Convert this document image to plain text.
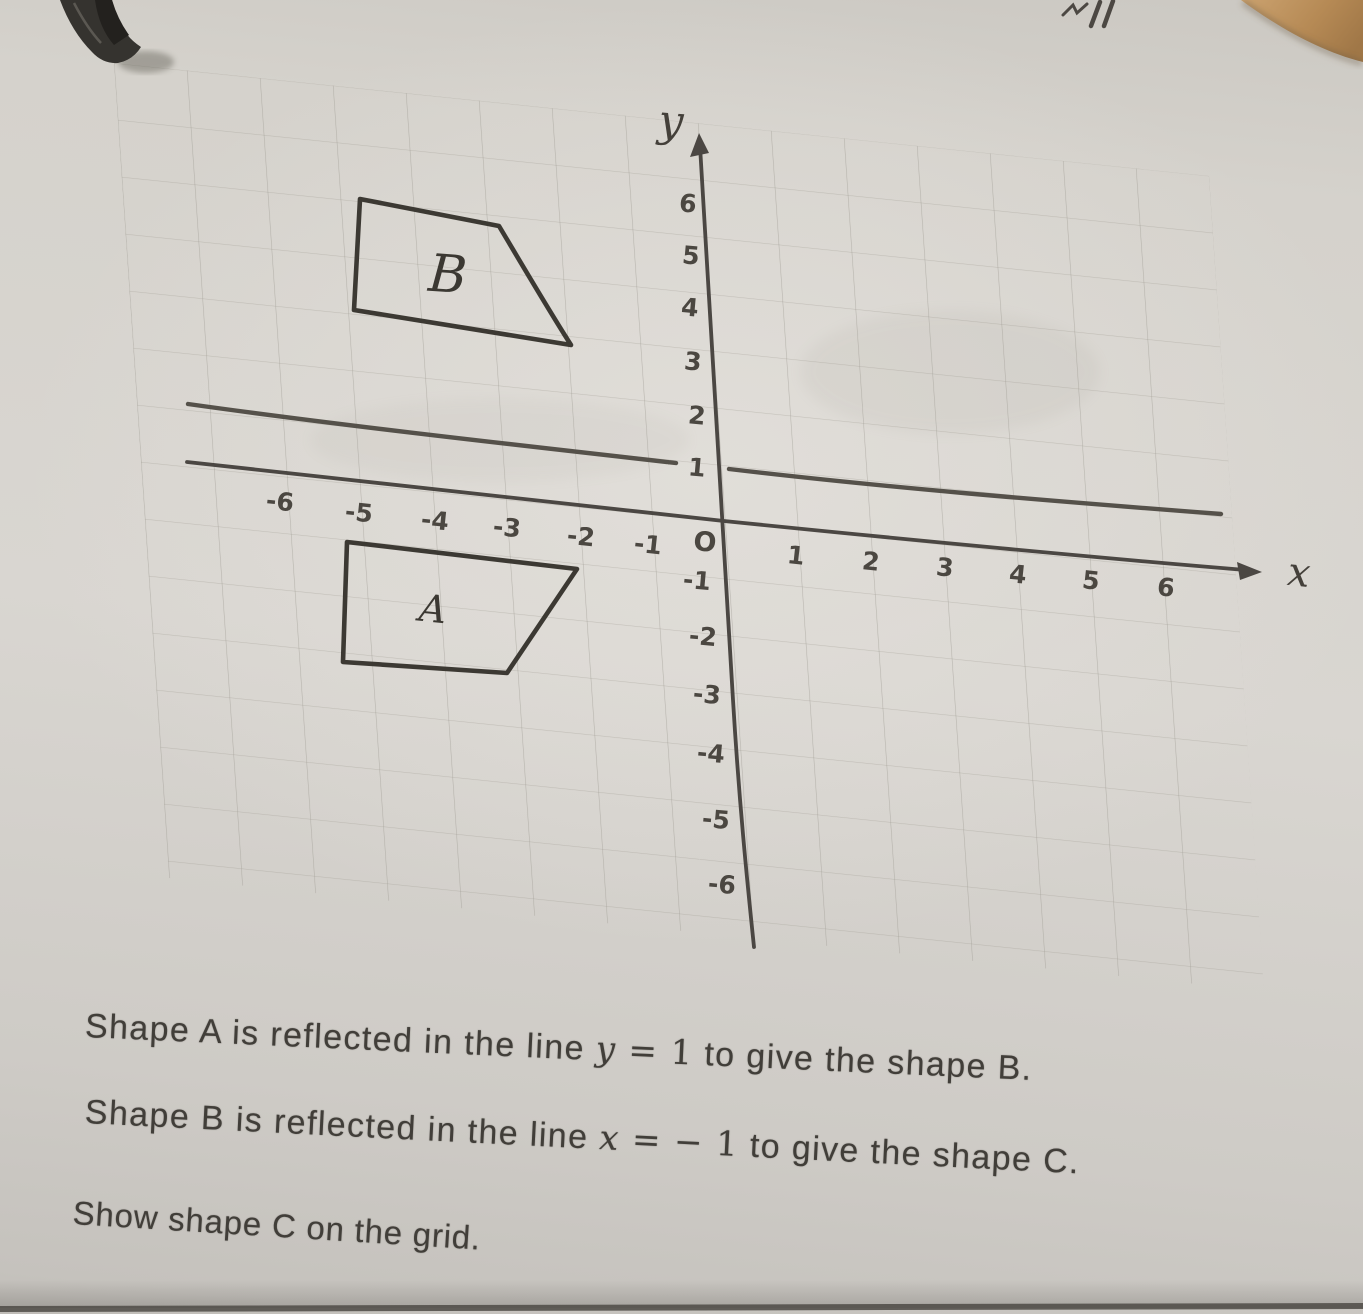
y
x
O
6
5
4
3
2
1
-1
-2
-3
-4
-5
-6
-6 -5 -4 -3 -2 -1	1 2 3 4 5 6
B
A
Shape A is reflected in the line y = 1 to give the shape B.
Shape B is reflected in the line x = − 1 to give the shape C.
Show shape C on the grid.
